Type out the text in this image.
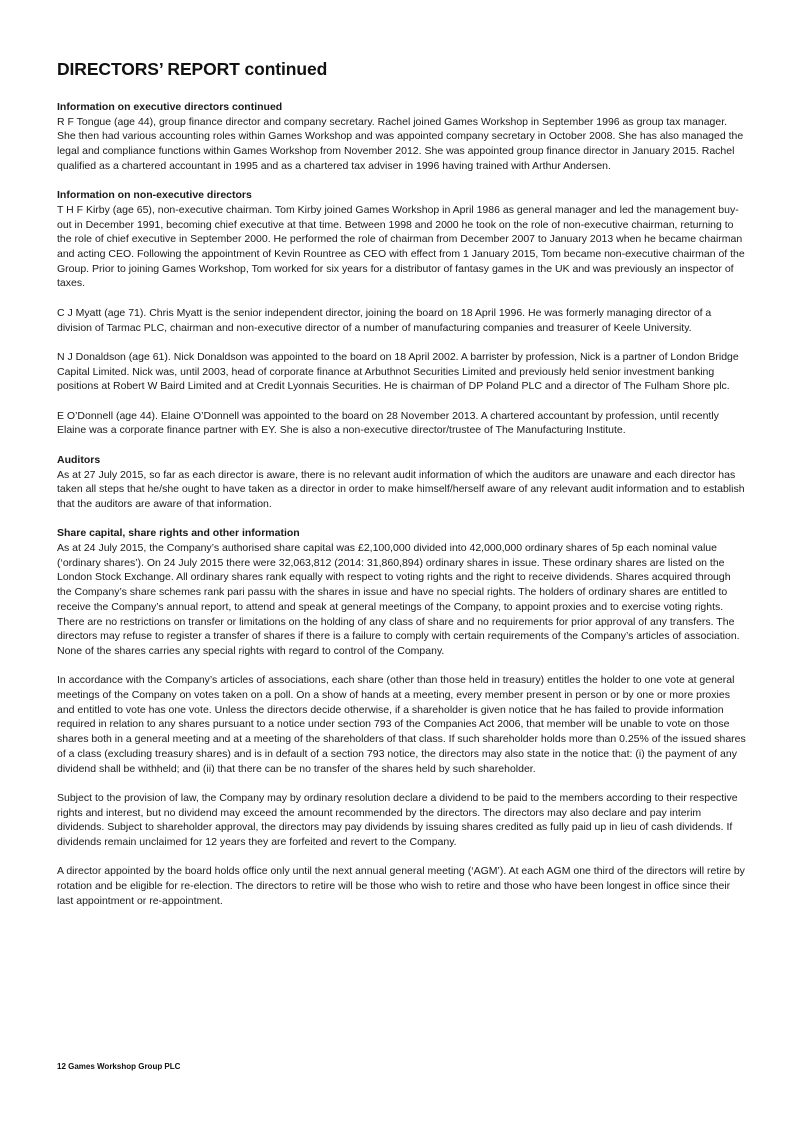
DIRECTORS’ REPORT continued

Information on executive directors continued

R F Tongue (age 44), group finance director and company secretary. Rachel joined Games Workshop in September 1996 as group tax manager. She then had various accounting roles within Games Workshop and was appointed company secretary in October 2008. She has also managed the legal and compliance functions within Games Workshop from November 2012. She was appointed group finance director in January 2015. Rachel qualified as a chartered accountant in 1995 and as a chartered tax adviser in 1996 having trained with Arthur Andersen.

Information on non-executive directors

T H F Kirby (age 65), non-executive chairman. Tom Kirby joined Games Workshop in April 1986 as general manager and led the management buy-out in December 1991, becoming chief executive at that time. Between 1998 and 2000 he took on the role of non-executive chairman, returning to the role of chief executive in September 2000. He performed the role of chairman from December 2007 to January 2013 when he became chairman and acting CEO. Following the appointment of Kevin Rountree as CEO with effect from 1 January 2015, Tom became non-executive chairman of the Group. Prior to joining Games Workshop, Tom worked for six years for a distributor of fantasy games in the UK and was previously an inspector of taxes.

C J Myatt (age 71). Chris Myatt is the senior independent director, joining the board on 18 April 1996. He was formerly managing director of a division of Tarmac PLC, chairman and non-executive director of a number of manufacturing companies and treasurer of Keele University.

N J Donaldson (age 61). Nick Donaldson was appointed to the board on 18 April 2002. A barrister by profession, Nick is a partner of London Bridge Capital Limited. Nick was, until 2003, head of corporate finance at Arbuthnot Securities Limited and previously held senior investment banking positions at Robert W Baird Limited and at Credit Lyonnais Securities. He is chairman of DP Poland PLC and a director of The Fulham Shore plc.

E O’Donnell (age 44). Elaine O’Donnell was appointed to the board on 28 November 2013. A chartered accountant by profession, until recently Elaine was a corporate finance partner with EY. She is also a non-executive director/trustee of The Manufacturing Institute.

Auditors

As at 27 July 2015, so far as each director is aware, there is no relevant audit information of which the auditors are unaware and each director has taken all steps that he/she ought to have taken as a director in order to make himself/herself aware of any relevant audit information and to establish that the auditors are aware of that information.

Share capital, share rights and other information

As at 24 July 2015, the Company’s authorised share capital was £2,100,000 divided into 42,000,000 ordinary shares of 5p each nominal value (‘ordinary shares’). On 24 July 2015 there were 32,063,812 (2014: 31,860,894) ordinary shares in issue. These ordinary shares are listed on the London Stock Exchange. All ordinary shares rank equally with respect to voting rights and the right to receive dividends. Shares acquired through the Company’s share schemes rank pari passu with the shares in issue and have no special rights. The holders of ordinary shares are entitled to receive the Company’s annual report, to attend and speak at general meetings of the Company, to appoint proxies and to exercise voting rights. There are no restrictions on transfer or limitations on the holding of any class of share and no requirements for prior approval of any transfers. The directors may refuse to register a transfer of shares if there is a failure to comply with certain requirements of the Company’s articles of association. None of the shares carries any special rights with regard to control of the Company.

In accordance with the Company’s articles of associations, each share (other than those held in treasury) entitles the holder to one vote at general meetings of the Company on votes taken on a poll. On a show of hands at a meeting, every member present in person or by one or more proxies and entitled to vote has one vote. Unless the directors decide otherwise, if a shareholder is given notice that he has failed to provide information required in relation to any shares pursuant to a notice under section 793 of the Companies Act 2006, that member will be unable to vote on those shares both in a general meeting and at a meeting of the shareholders of that class. If such shareholder holds more than 0.25% of the issued shares of a class (excluding treasury shares) and is in default of a section 793 notice, the directors may also state in the notice that: (i) the payment of any dividend shall be withheld; and (ii) that there can be no transfer of the shares held by such shareholder.

Subject to the provision of law, the Company may by ordinary resolution declare a dividend to be paid to the members according to their respective rights and interest, but no dividend may exceed the amount recommended by the directors. The directors may also declare and pay interim dividends. Subject to shareholder approval, the directors may pay dividends by issuing shares credited as fully paid up in lieu of cash dividends. If dividends remain unclaimed for 12 years they are forfeited and revert to the Company.

A director appointed by the board holds office only until the next annual general meeting (‘AGM’). At each AGM one third of the directors will retire by rotation and be eligible for re-election. The directors to retire will be those who wish to retire and those who have been longest in office since their last appointment or re-appointment.

12 Games Workshop Group PLC
